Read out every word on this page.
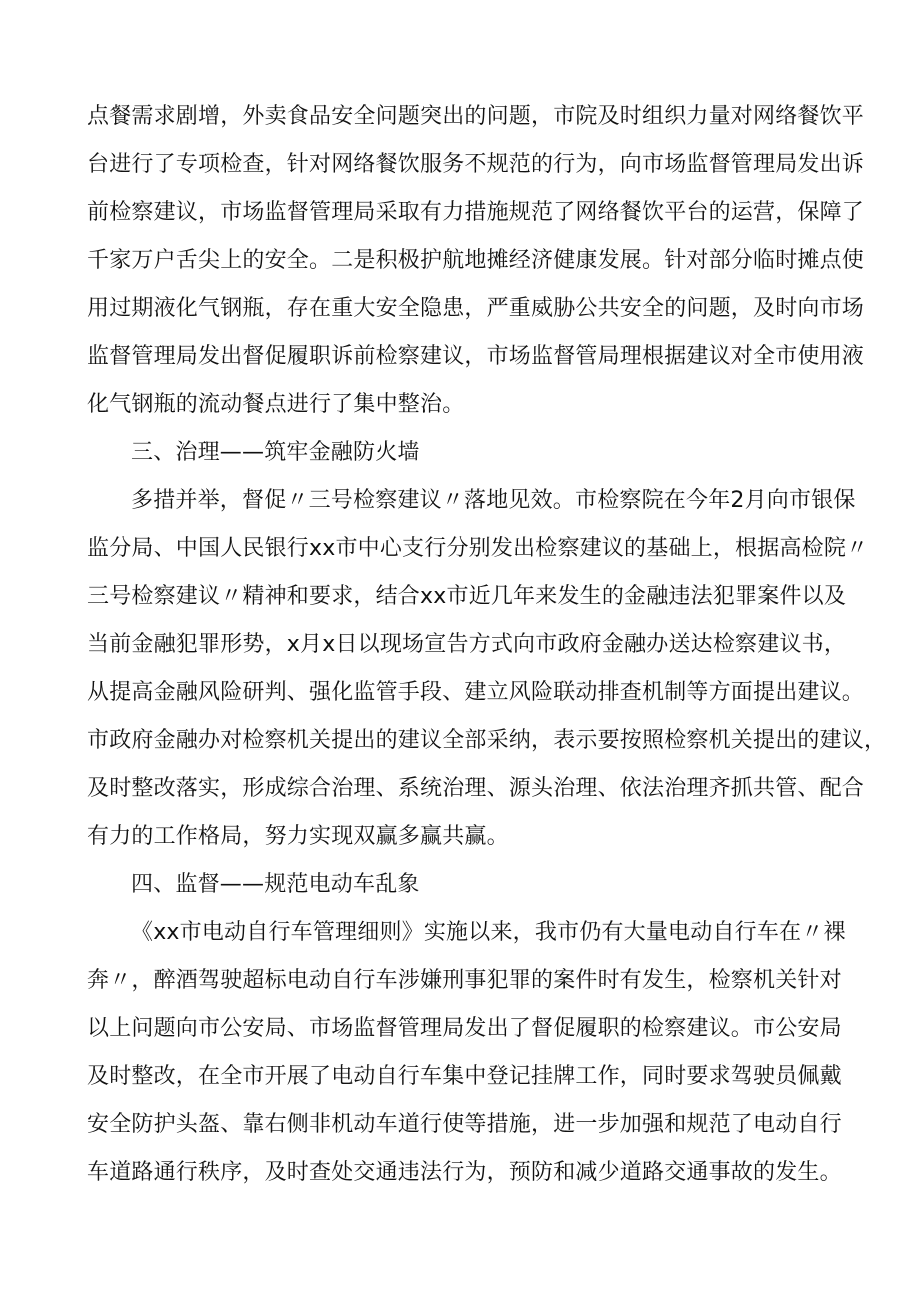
点餐需求剧增，外卖食品安全问题突出的问题，市院及时组织力量对网络餐饮平
台进行了专项检查，针对网络餐饮服务不规范的行为，向市场监督管理局发出诉
前检察建议，市场监督管理局采取有力措施规范了网络餐饮平台的运营，保障了
千家万户舌尖上的安全。二是积极护航地摊经济健康发展。针对部分临时摊点使
用过期液化气钢瓶，存在重大安全隐患，严重威胁公共安全的问题，及时向市场
监督管理局发出督促履职诉前检察建议，市场监督管局理根据建议对全市使用液
化气钢瓶的流动餐点进行了集中整治。
三、治理——筑牢金融防火墙
多措并举，督促〃三号检察建议〃落地见效。市检察院在今年2月向市银保
监分局、中国人民银行xx市中心支行分别发出检察建议的基础上，根据高检院〃
三号检察建议〃精神和要求，结合xx市近几年来发生的金融违法犯罪案件以及
当前金融犯罪形势，x月x日以现场宣告方式向市政府金融办送达检察建议书，
从提高金融风险研判、强化监管手段、建立风险联动排查机制等方面提出建议。
市政府金融办对检察机关提出的建议全部采纳，表示要按照检察机关提出的建议，
及时整改落实，形成综合治理、系统治理、源头治理、依法治理齐抓共管、配合
有力的工作格局，努力实现双赢多赢共赢。
四、监督——规范电动车乱象
《xx市电动自行车管理细则》实施以来，我市仍有大量电动自行车在〃裸
奔〃，醉酒驾驶超标电动自行车涉嫌刑事犯罪的案件时有发生，检察机关针对
以上问题向市公安局、市场监督管理局发出了督促履职的检察建议。市公安局
及时整改，在全市开展了电动自行车集中登记挂牌工作，同时要求驾驶员佩戴
安全防护头盔、靠右侧非机动车道行使等措施，进一步加强和规范了电动自行
车道路通行秩序，及时查处交通违法行为，预防和减少道路交通事故的发生。
